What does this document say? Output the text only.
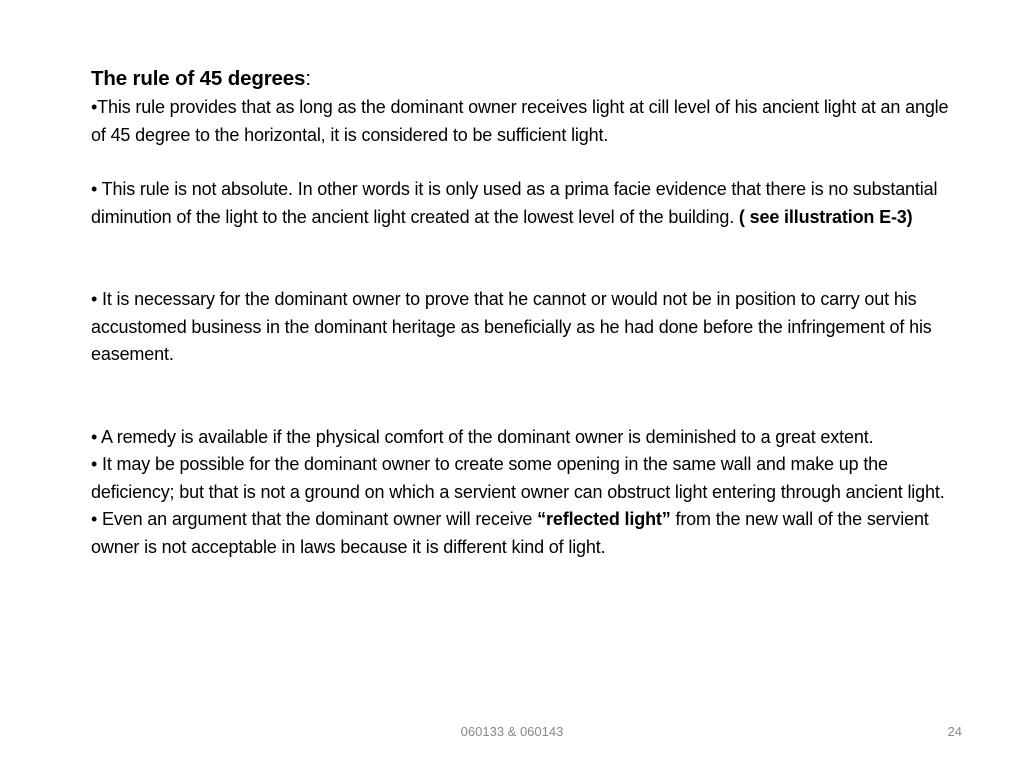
The rule of 45 degrees:

•This rule provides that as long as the dominant owner receives light at cill level of his ancient light at an angle of 45 degree to the horizontal, it is considered to be sufficient light.

• This rule is not absolute. In other words it is only used as a prima facie evidence that there is no substantial diminution of the light to the ancient light created at the lowest level of the building. ( see illustration E-3)

• It is necessary for the dominant owner to prove that he cannot or would not be in position to carry out his accustomed business in the dominant heritage as beneficially as he had done before the infringement of his easement.

• A remedy is available if the physical comfort of the dominant owner is deminished to a great extent.

• It may be possible for the dominant owner to create some opening in the same wall and make up the deficiency; but that is not a ground on which a servient owner can obstruct light entering through ancient light.

• Even an argument that the dominant owner will receive “reflected light” from the new wall of the servient owner is not acceptable in laws because it is different kind of light.

060133 & 060143	24
